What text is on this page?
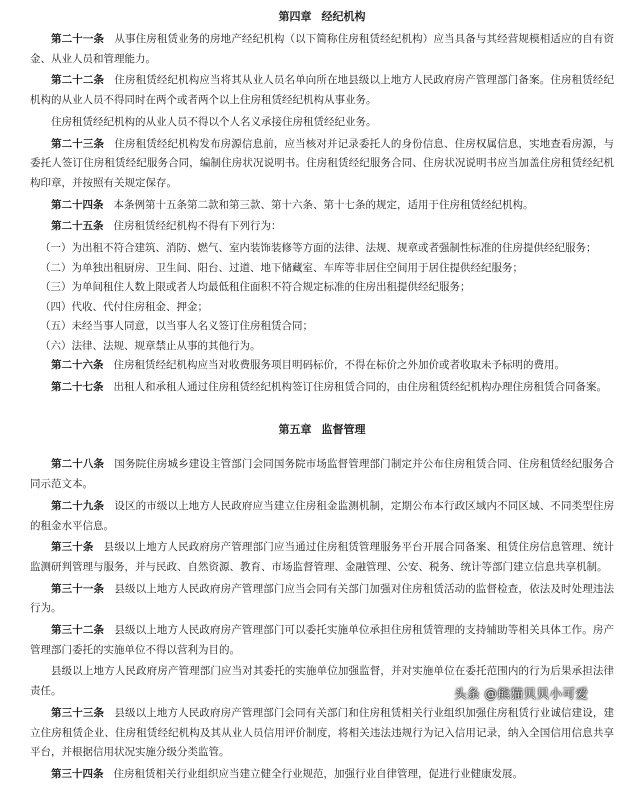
第四章 经纪机构

第二十一条 从事住房租赁业务的房地产经纪机构（以下简称住房租赁经纪机构）应当具备与其经营规模相适应的自有资金、从业人员和管理能力。

第二十二条 住房租赁经纪机构应当将其从业人员名单向所在地县级以上地方人民政府房产管理部门备案。住房租赁经纪机构的从业人员不得同时在两个或者两个以上住房租赁经纪机构从事业务。

住房租赁经纪机构的从业人员不得以个人名义承接住房租赁经纪业务。

第二十三条 住房租赁经纪机构发布房源信息前，应当核对并记录委托人的身份信息、住房权属信息，实地查看房源，与委托人签订住房租赁经纪服务合同，编制住房状况说明书。住房租赁经纪服务合同、住房状况说明书应当加盖住房租赁经纪机构印章，并按照有关规定保存。

第二十四条 本条例第十五条第二款和第三款、第十六条、第十七条的规定，适用于住房租赁经纪机构。

第二十五条 住房租赁经纪机构不得有下列行为：

（一）为出租不符合建筑、消防、燃气、室内装饰装修等方面的法律、法规、规章或者强制性标准的住房提供经纪服务；

（二）为单独出租厨房、卫生间、阳台、过道、地下储藏室、车库等非居住空间用于居住提供经纪服务；

（三）为单间租住人数上限或者人均最低租住面积不符合规定标准的住房出租提供经纪服务；

（四）代收、代付住房租金、押金；

（五）未经当事人同意，以当事人名义签订住房租赁合同；

（六）法律、法规、规章禁止从事的其他行为。

第二十六条 住房租赁经纪机构应当对收费服务项目明码标价，不得在标价之外加价或者收取未予标明的费用。

第二十七条 出租人和承租人通过住房租赁经纪机构签订住房租赁合同的，由住房租赁经纪机构办理住房租赁合同备案。

第五章 监督管理

第二十八条 国务院住房城乡建设主管部门会同国务院市场监督管理部门制定并公布住房租赁合同、住房租赁经纪服务合同示范文本。

第二十九条 设区的市级以上地方人民政府应当建立住房租金监测机制，定期公布本行政区域内不同区域、不同类型住房的租金水平信息。

第三十条 县级以上地方人民政府房产管理部门应当通过住房租赁管理服务平台开展合同备案、租赁住房信息管理、统计监测研判管理与服务，并与民政、自然资源、教育、市场监督管理、金融管理、公安、税务、统计等部门建立信息共享机制。

第三十一条 县级以上地方人民政府房产管理部门应当会同有关部门加强对住房租赁活动的监督检查，依法及时处理违法行为。

第三十二条 县级以上地方人民政府房产管理部门可以委托实施单位承担住房租赁管理的支持辅助等相关具体工作。房产管理部门委托的实施单位不得以营利为目的。

县级以上地方人民政府房产管理部门应当对其委托的实施单位加强监督，并对实施单位在委托范围内的行为后果承担法律责任。

第三十三条 县级以上地方人民政府房产管理部门会同有关部门和住房租赁相关行业组织加强住房租赁行业诚信建设，建立住房租赁企业、住房租赁经纪机构及其从业人员信用评价制度，将相关违法违规行为记入信用记录，纳入全国信用信息共享平台，并根据信用状况实施分级分类监管。

第三十四条 住房租赁相关行业组织应当建立健全行业规范，加强行业自律管理，促进行业健康发展。

头条 @熊猫贝贝小可爱
